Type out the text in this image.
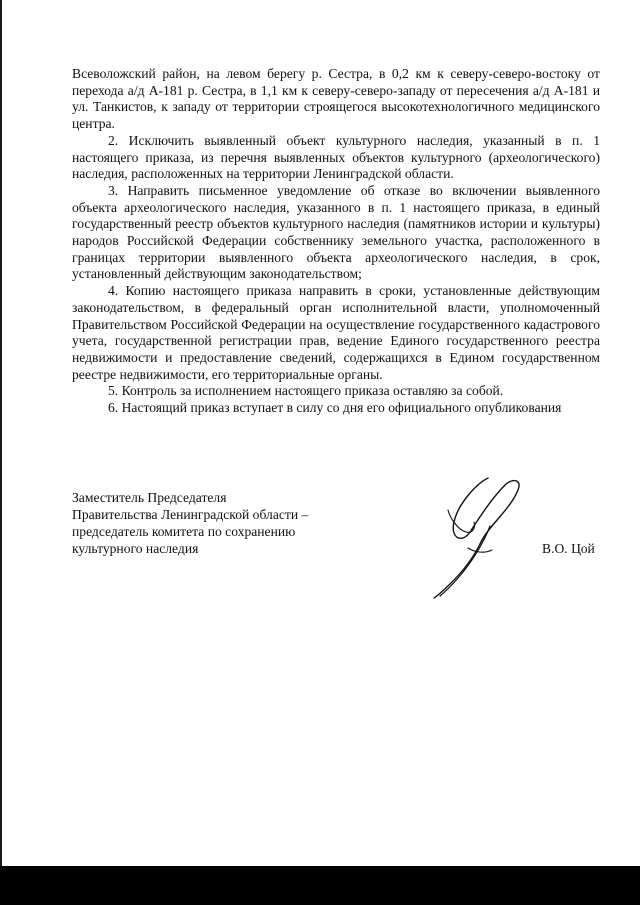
Всеволожский район, на левом берегу р. Сестра, в 0,2 км к северу-северо-востоку от перехода а/д А-181 р. Сестра, в 1,1 км к северу-северо-западу от пересечения а/д А-181 и ул. Танкистов, к западу от территории строящегося высокотехнологичного медицинского центра.

2. Исключить выявленный объект культурного наследия, указанный в п. 1 настоящего приказа, из перечня выявленных объектов культурного (археологического) наследия, расположенных на территории Ленинградской области.

3. Направить письменное уведомление об отказе во включении выявленного объекта археологического наследия, указанного в п. 1 настоящего приказа, в единый государственный реестр объектов культурного наследия (памятников истории и культуры) народов Российской Федерации собственнику земельного участка, расположенного в границах территории выявленного объекта археологического наследия, в срок, установленный действующим законодательством;

4. Копию настоящего приказа направить в сроки, установленные действующим законодательством, в федеральный орган исполнительной власти, уполномоченный Правительством Российской Федерации на осуществление государственного кадастрового учета, государственной регистрации прав, ведение Единого государственного реестра недвижимости и предоставление сведений, содержащихся в Едином государственном реестре недвижимости, его территориальные органы.

5. Контроль за исполнением настоящего приказа оставляю за собой.

6. Настоящий приказ вступает в силу со дня его официального опубликования

Заместитель Председателя
Правительства Ленинградской области –
председатель комитета по сохранению
культурного наследия	В.О. Цой
